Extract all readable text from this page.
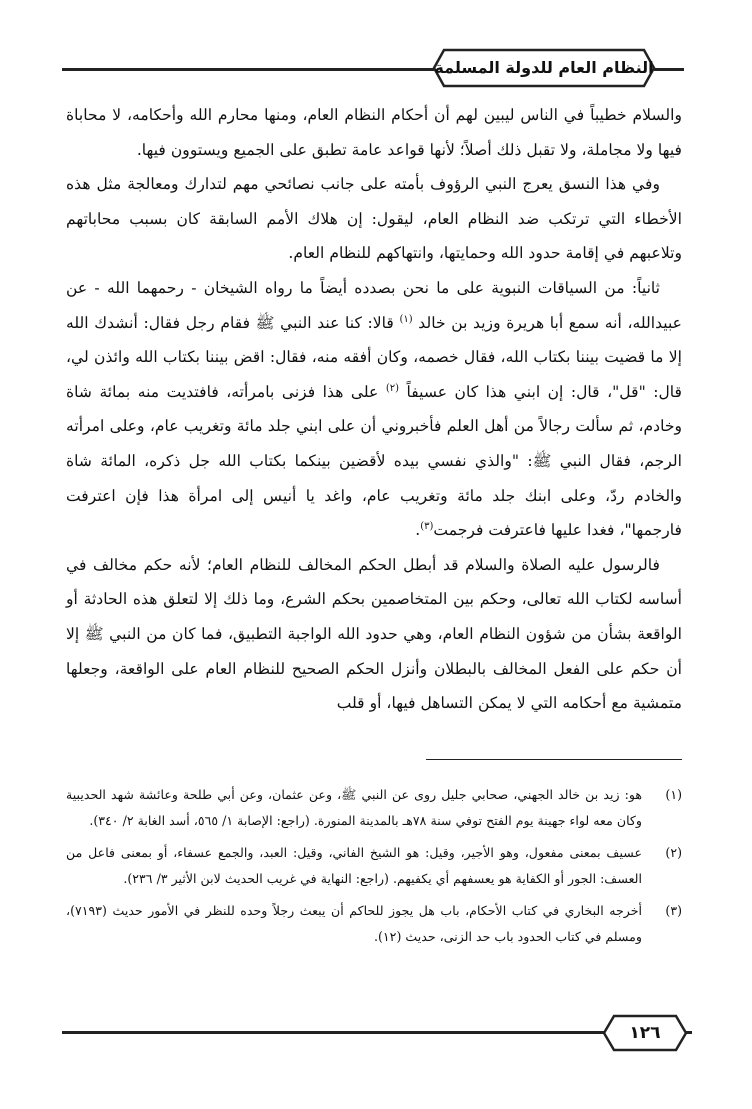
النظام العام للدولة المسلمة

والسلام خطيباً في الناس ليبين لهم أن أحكام النظام العام، ومنها محارم الله وأحكامه، لا محاباة فيها ولا مجاملة، ولا تقبل ذلك أصلاً؛ لأنها قواعد عامة تطبق على الجميع ويستوون فيها.

وفي هذا النسق يعرج النبي الرؤوف بأمته على جانب نصائحي مهم لتدارك ومعالجة مثل هذه الأخطاء التي ترتكب ضد النظام العام، ليقول: إن هلاك الأمم السابقة كان بسبب محاباتهم وتلاعبهم في إقامة حدود الله وحمايتها، وانتهاكهم للنظام العام.

ثانياً: من السياقات النبوية على ما نحن بصدده أيضاً ما رواه الشيخان - رحمهما الله - عن عبيدالله، أنه سمع أبا هريرة وزيد بن خالد $^{(١)}$ قالا: كنا عند النبي ﷺ فقام رجل فقال: أنشدك الله إلا ما قضيت بيننا بكتاب الله، فقال خصمه، وكان أفقه منه، فقال: اقض بيننا بكتاب الله وائذن لي، قال: "قل"، قال: إن ابني هذا كان عسيفاً $^{(٢)}$ على هذا فزنى بامرأته، فافتديت منه بمائة شاة وخادم، ثم سألت رجالاً من أهل العلم فأخبروني أن على ابني جلد مائة وتغريب عام، وعلى امرأته الرجم، فقال النبي ﷺ: "والذي نفسي بيده لأقضين بينكما بكتاب الله جل ذكره، المائة شاة والخادم ردّ، وعلى ابنك جلد مائة وتغريب عام، واغد يا أنيس إلى امرأة هذا فإن اعترفت فارجمها"، فغدا عليها فاعترفت فرجمت$^{(٣)}$.

فالرسول عليه الصلاة والسلام قد أبطل الحكم المخالف للنظام العام؛ لأنه حكم مخالف في أساسه لكتاب الله تعالى، وحكم بين المتخاصمين بحكم الشرع، وما ذلك إلا لتعلق هذه الحادثة أو الواقعة بشأن من شؤون النظام العام، وهي حدود الله الواجبة التطبيق، فما كان من النبي ﷺ إلا أن حكم على الفعل المخالف بالبطلان وأنزل الحكم الصحيح للنظام العام على الواقعة، وجعلها متمشية مع أحكامه التي لا يمكن التساهل فيها، أو قلب

(١)
هو: زيد بن خالد الجهني، صحابي جليل روى عن النبي ﷺ، وعن عثمان، وعن أبي طلحة وعائشة شهد الحديبية وكان معه لواء جهينة يوم الفتح توفي سنة ٧٨هـ بالمدينة المنورة. (راجع: الإصابة ١/ ٥٦٥، أسد الغابة ٢/ ٣٤٠).
(٢)
عسيف بمعنى مفعول، وهو الأجير، وقيل: هو الشيخ الفاني، وقيل: العبد، والجمع عسفاء، أو بمعنى فاعل من العسف: الجور أو الكفاية هو يعسفهم أي يكفيهم. (راجع: النهاية في غريب الحديث لابن الأثير ٣/ ٢٣٦).
(٣)
أخرجه البخاري في كتاب الأحكام، باب هل يجوز للحاكم أن يبعث رجلاً وحده للنظر في الأمور حديث (٧١٩٣)، ومسلم في كتاب الحدود باب حد الزنى، حديث (١٢).
١٢٦
